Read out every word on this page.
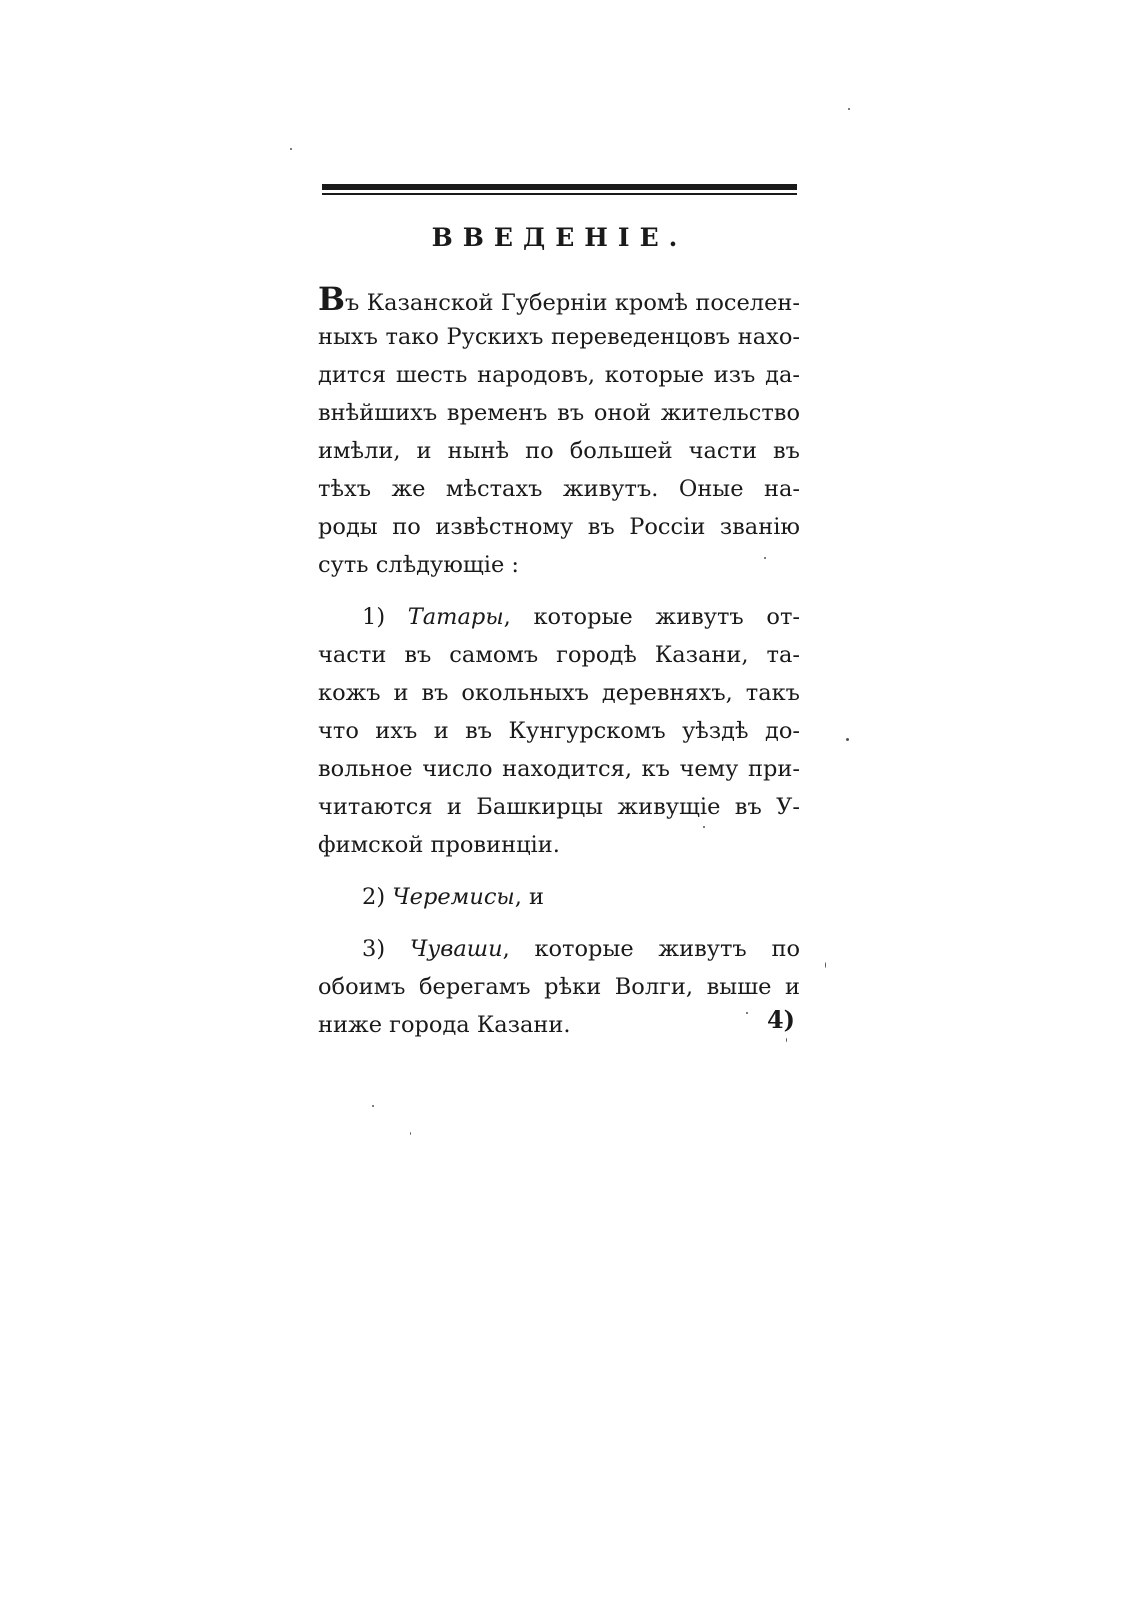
ВВЕДЕНІЕ.
Въ Казанской Губерніи кромѣ поселен-
ныхъ тако Рускихъ переведенцовъ нахо-
дится шесть народовъ, которые изъ да-
внѣйшихъ временъ въ оной жительство
имѣли, и нынѣ по большей части въ
тѣхъ же мѣстахъ живутъ. Оные на-
роды по извѣстному въ Россіи званію
суть слѣдующіе :
1) Татары, которые живутъ от-
части въ самомъ городѣ Казани, та-
кожъ и въ окольныхъ деревняхъ, такъ
что ихъ и въ Кунгурскомъ уѣздѣ до-
вольное число находится, къ чему при-
читаются и Башкирцы живущіе въ У-
фимской провинціи.
2) Черемисы, и
3) Чуваши, которые живутъ по
обоимъ берегамъ рѣки Волги, выше и
ниже города Казани.	4)
